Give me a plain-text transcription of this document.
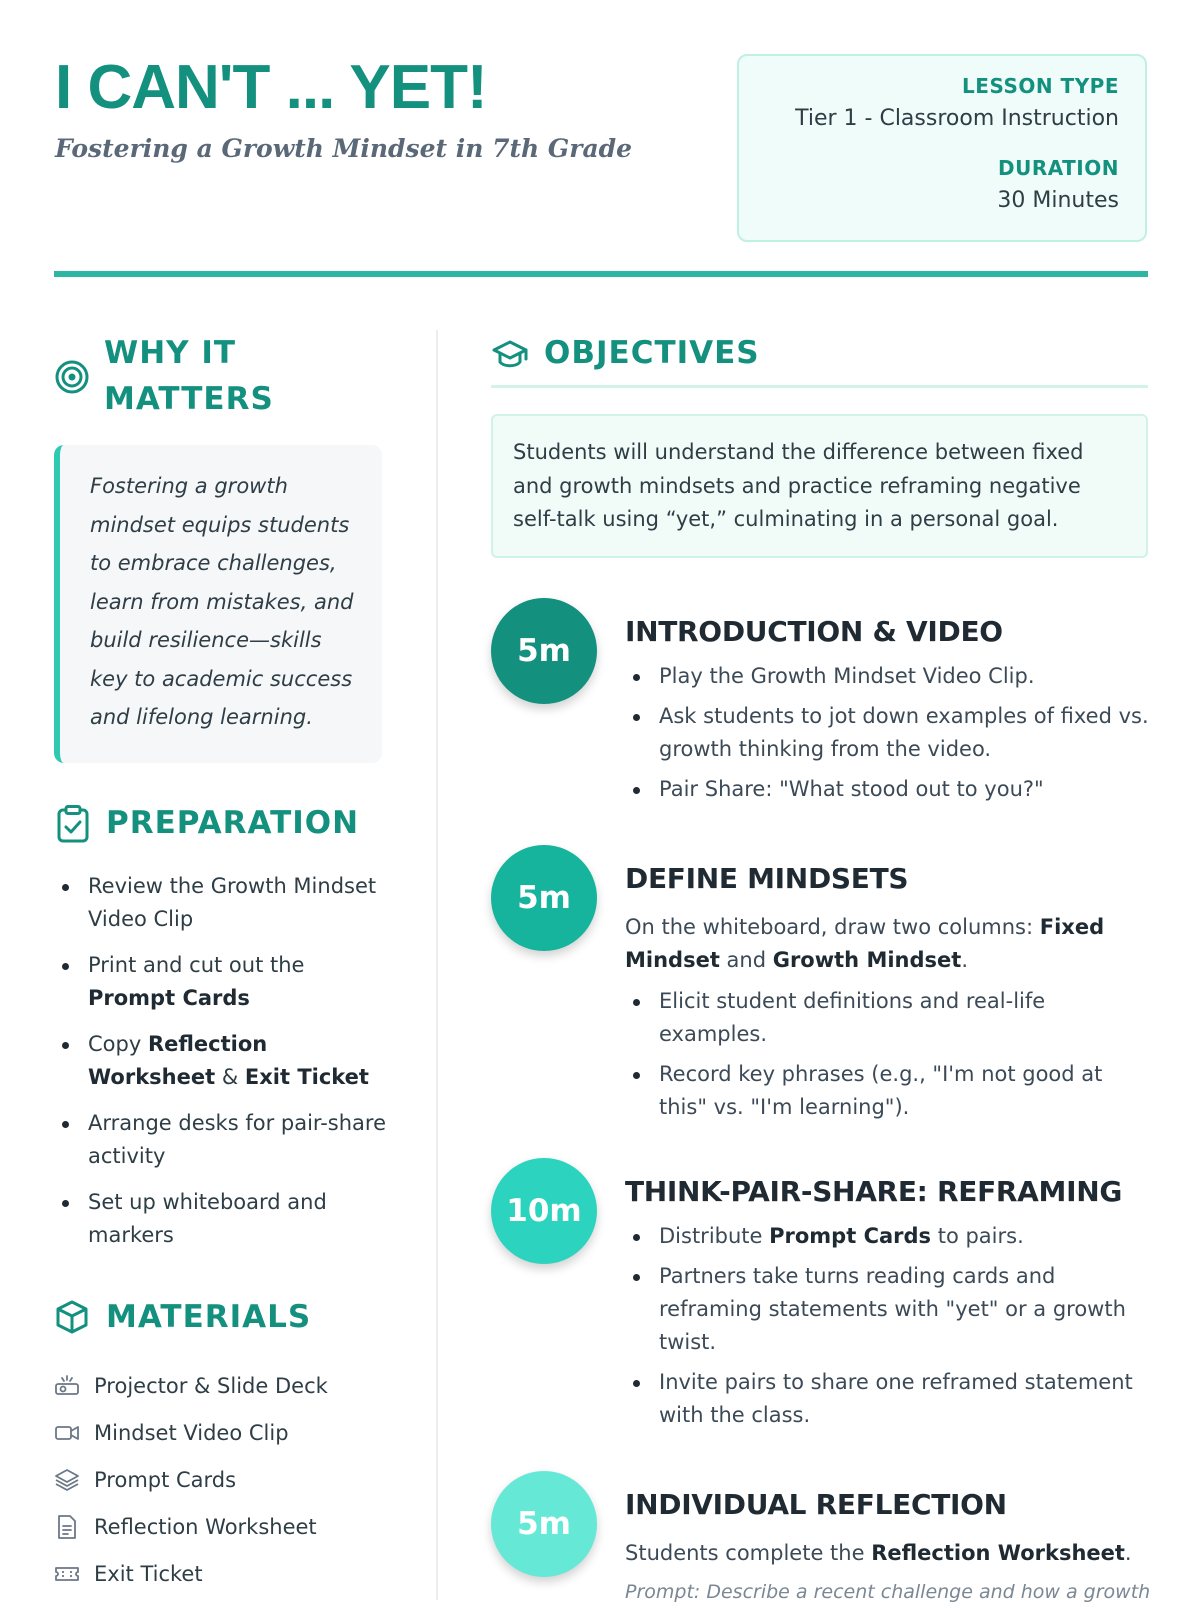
I CAN'T ... YET!

Fostering a Growth Mindset in 7th Grade

LESSON TYPE
Tier 1 - Classroom Instruction
DURATION
30 Minutes
WHY IT
MATTERS

Fostering a growth mindset equips students to embrace challenges, learn from mistakes, and build resilience—skills key to academic success and lifelong learning.

PREPARATION
Review the Growth Mindset Video Clip
Print and cut out the Prompt Cards
Copy Reflection Worksheet & Exit Ticket
Arrange desks for pair-share activity
Set up whiteboard and markers
MATERIALS
Projector & Slide Deck
Mindset Video Clip
Prompt Cards
Reflection Worksheet
Exit Ticket
OBJECTIVES

Students will understand the difference between fixed and growth mindsets and practice reframing negative self-talk using “yet,” culminating in a personal goal.

5m
INTRODUCTION & VIDEO
Play the Growth Mindset Video Clip.
Ask students to jot down examples of fixed vs. growth thinking from the video.
Pair Share: "What stood out to you?"
5m
DEFINE MINDSETS

On the whiteboard, draw two columns: Fixed Mindset and Growth Mindset.

Elicit student definitions and real-life examples.
Record key phrases (e.g., "I'm not good at this" vs. "I'm learning").
10m
THINK-PAIR-SHARE: REFRAMING
Distribute Prompt Cards to pairs.
Partners take turns reading cards and reframing statements with "yet" or a growth twist.
Invite pairs to share one reframed statement with the class.
5m
INDIVIDUAL REFLECTION

Students complete the Reflection Worksheet.

Prompt: Describe a recent challenge and how a growth
